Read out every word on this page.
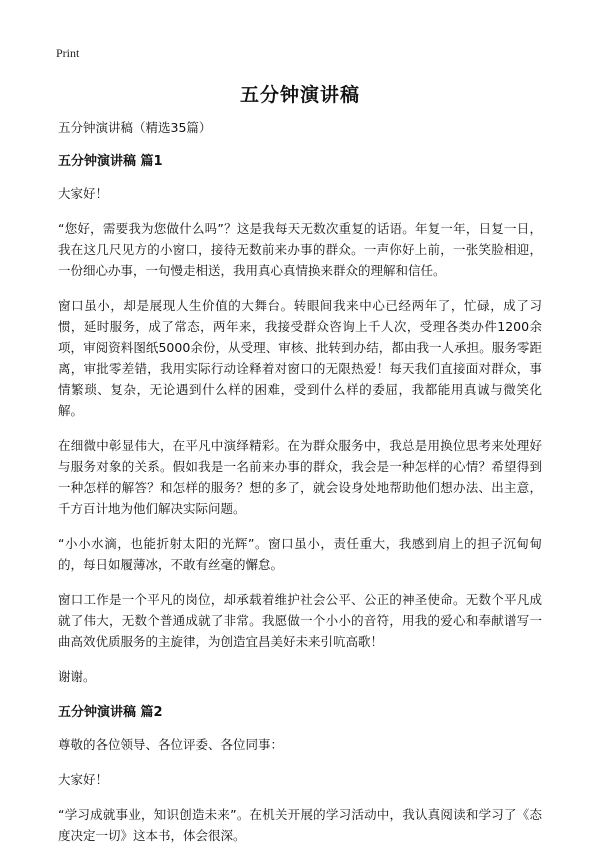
Print
五分钟演讲稿
五分钟演讲稿（精选35篇）
五分钟演讲稿 篇1

大家好！

“您好，需要我为您做什么吗”？这是我每天无数次重复的话语。年复一年，日复一日，我在这几尺见方的小窗口，接待无数前来办事的群众。一声你好上前，一张笑脸相迎，一份细心办事，一句慢走相送，我用真心真情换来群众的理解和信任。

窗口虽小，却是展现人生价值的大舞台。转眼间我来中心已经两年了，忙碌，成了习惯，延时服务，成了常态，两年来，我接受群众咨询上千人次，受理各类办件1200余项，审阅资料图纸5000余份，从受理、审核、批转到办结，都由我一人承担。服务零距离，审批零差错，我用实际行动诠释着对窗口的无限热爱！每天我们直接面对群众，事情繁琐、复杂，无论遇到什么样的困难，受到什么样的委屈，我都能用真诚与微笑化解。

在细微中彰显伟大，在平凡中演绎精彩。在为群众服务中，我总是用换位思考来处理好与服务对象的关系。假如我是一名前来办事的群众，我会是一种怎样的心情？希望得到一种怎样的解答？和怎样的服务？想的多了，就会设身处地帮助他们想办法、出主意，千方百计地为他们解决实际问题。

“小小水滴，也能折射太阳的光辉”。窗口虽小，责任重大，我感到肩上的担子沉甸甸的，每日如履薄冰，不敢有丝毫的懈怠。

窗口工作是一个平凡的岗位，却承载着维护社会公平、公正的神圣使命。无数个平凡成就了伟大，无数个普通成就了非常。我愿做一个小小的音符，用我的爱心和奉献谱写一曲高效优质服务的主旋律，为创造宜昌美好未来引吭高歌！

谢谢。

五分钟演讲稿 篇2

尊敬的各位领导、各位评委、各位同事：

大家好！

“学习成就事业，知识创造未来”。在机关开展的学习活动中，我认真阅读和学习了《态度决定一切》这本书，体会很深。
